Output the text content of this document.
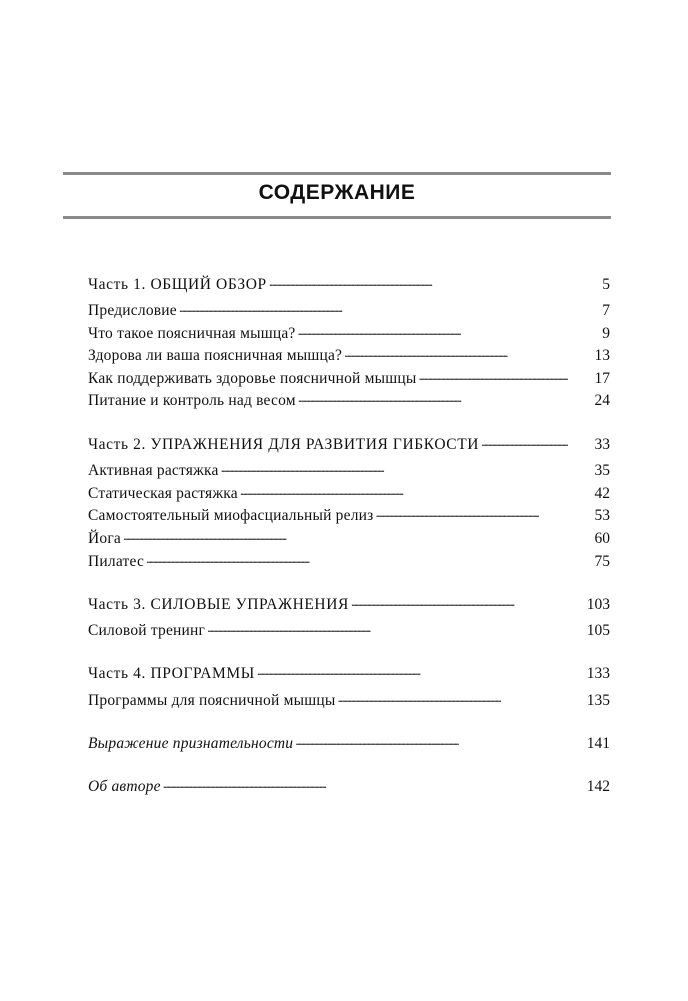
СОДЕРЖАНИЕ
Часть 1. ОБЩИЙ ОБЗОР . . .	5
Предисловие . . .	7
Что такое поясничная мышца? . . .	9
Здорова ли ваша поясничная мышца? . . .	13
Как поддерживать здоровье поясничной мышцы . . .	17
Питание и контроль над весом . . .	24
Часть 2. УПРАЖНЕНИЯ ДЛЯ РАЗВИТИЯ ГИБКОСТИ . . .	33
Активная растяжка . . .	35
Статическая растяжка . . .	42
Самостоятельный миофасциальный релиз . . .	53
Йога . . .	60
Пилатес . . .	75
Часть 3. СИЛОВЫЕ УПРАЖНЕНИЯ . . .	103
Силовой тренинг . . .	105
Часть 4. ПРОГРАММЫ . . .	133
Программы для поясничной мышцы . . .	135
Выражение признательности . . .	141
Об авторе . . .	142
